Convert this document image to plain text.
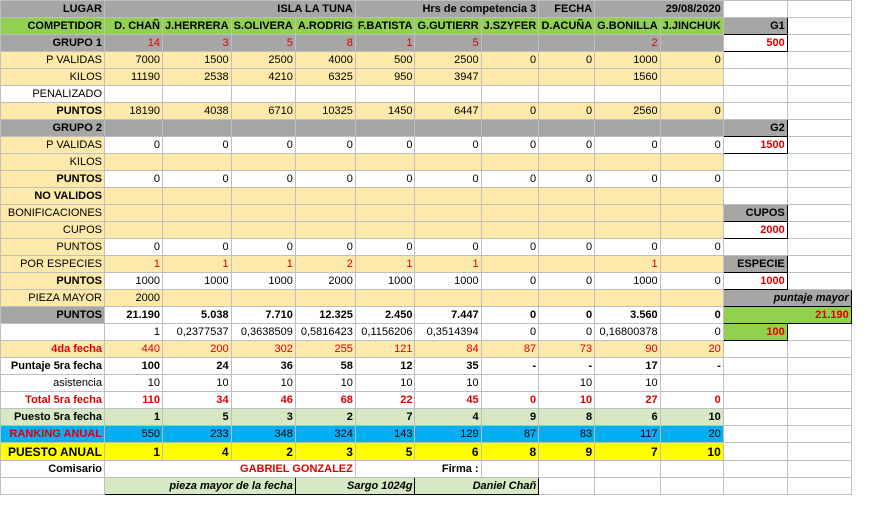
LUGAR	ISLA LA TUNA				Hrs de competencia 3			FECHA	29/08/2020			
COMPETIDOR	D. CHAÑ	J.HERRERA	S.OLIVERA	A.RODRIG	F.BATISTA	G.GUTIERR	J.SZYFER	D.ACUÑA	G.BONILLA	J.JINCHUK	G1	
GRUPO 1	14	3	5	8	1	5			2		500	
P VALIDAS	7000	1500	2500	4000	500	2500	0	0	1000	0		
KILOS	11190	2538	4210	6325	950	3947			1560			
PENALIZADO												
PUNTOS	18190	4038	6710	10325	1450	6447	0	0	2560	0		
GRUPO 2											G2	
P VALIDAS	0	0	0	0	0	0	0	0	0	0	1500	
KILOS												
PUNTOS	0	0	0	0	0	0	0	0	0	0		
NO VALIDOS												
BONIFICACIONES											CUPOS	
CUPOS											2000	
PUNTOS	0	0	0	0	0	0	0	0	0	0		
POR ESPECIES	1	1	1	2	1	1			1		ESPECIE	
PUNTOS	1000	1000	1000	2000	1000	1000	0	0	1000	0	1000	
PIEZA MAYOR	2000										puntaje mayor	
PUNTOS	21.190	5.038	7.710	12.325	2.450	7.447	0	0	3.560	0	21.190	
	1	0,2377537	0,3638509	0,5816423	0,1156206	0,3514394	0	0	0,16800378	0	100	
4da fecha	440	200	302	255	121	84	87	73	90	20		
Puntaje 5ra fecha	100	24	36	58	12	35	-	-	17	-		
asistencia	10	10	10	10	10	10		10	10			
Total 5ra fecha	110	34	46	68	22	45	0	10	27	0		
Puesto 5ra fecha	1	5	3	2	7	4	9	8	6	10		
RANKING ANUAL	550	233	348	324	143	129	87	83	117	20		
PUESTO ANUAL	1	4	2	3	5	6	8	9	7	10		
Comisario	GABRIEL GONZALEZ				Firma :							
	pieza mayor de la fecha			Sargo 1024g		Daniel Chañ						
